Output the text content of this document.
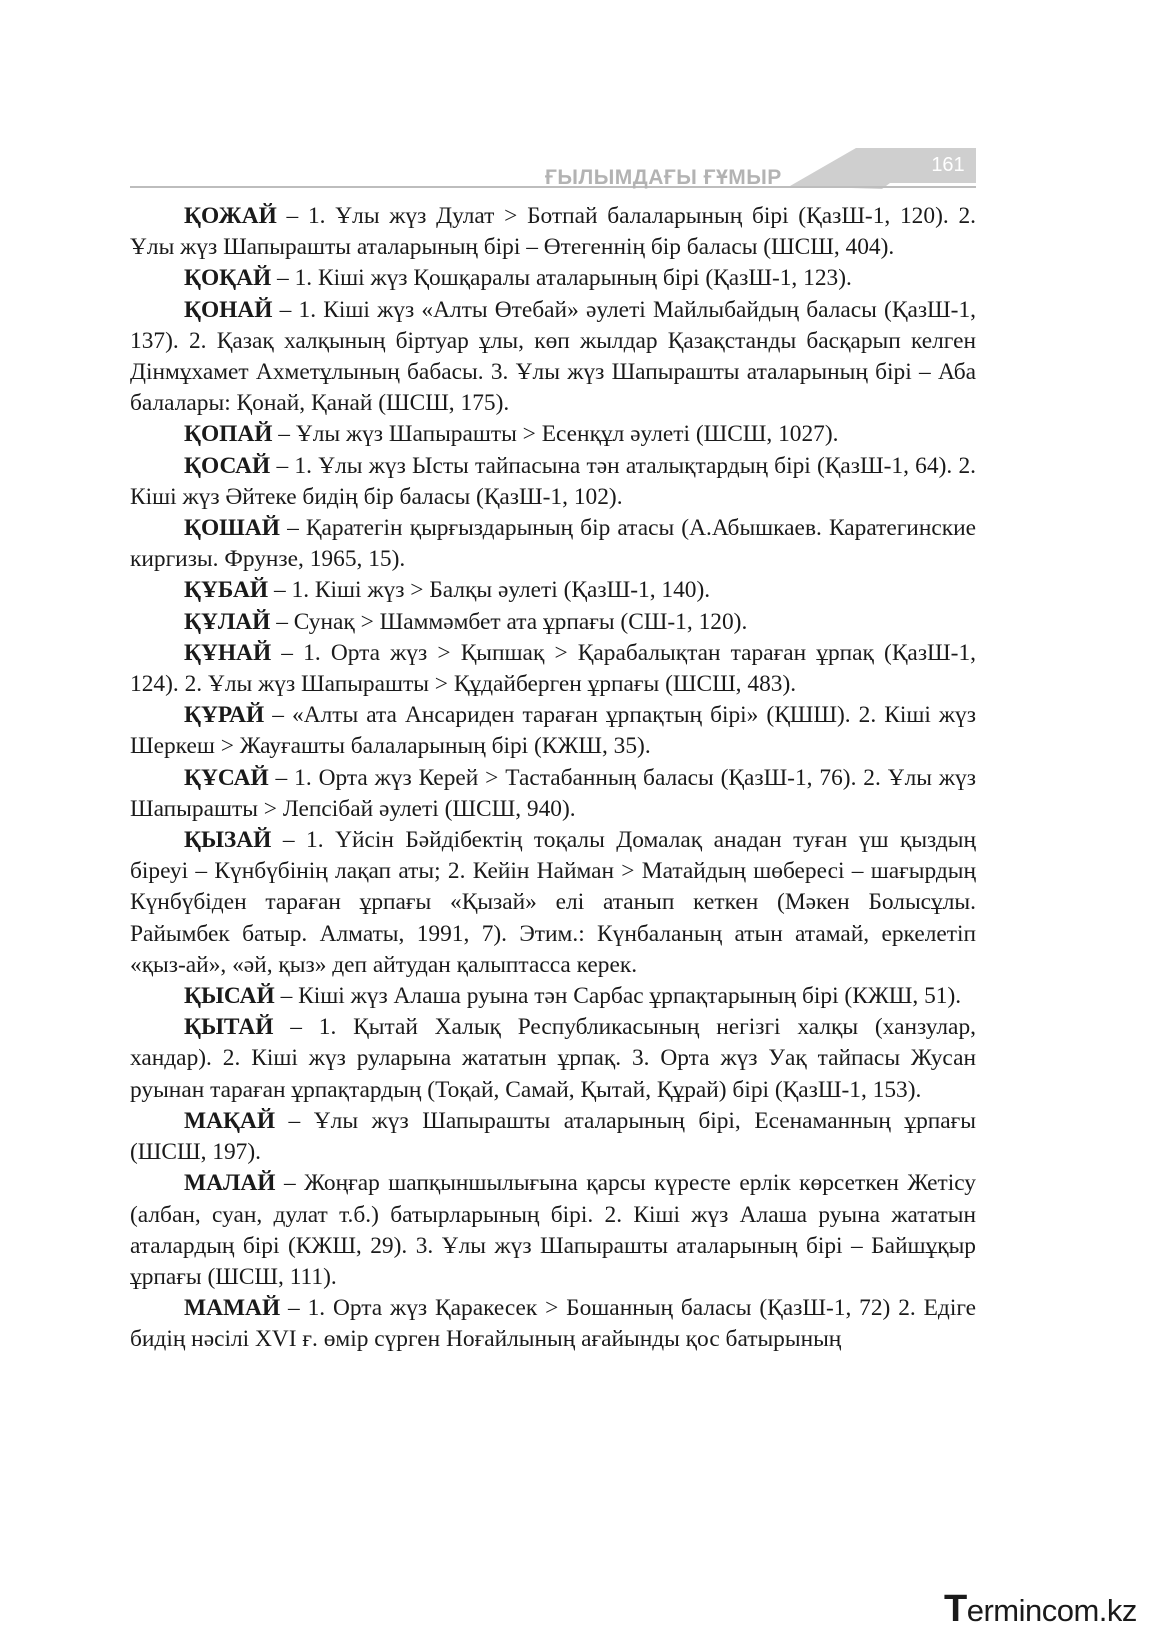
ҒЫЛЫМДАҒЫ ҒҰМЫР
161

ҚОЖАЙ – 1. Ұлы жүз Дулат > Ботпай балаларының бірі (ҚазШ-1, 120). 2. Ұлы жүз Шапырашты аталарының бірі – Өтегеннің бір баласы (ШСШ, 404).

ҚОҚАЙ – 1. Кіші жүз Қошқаралы аталарының бірі (ҚазШ-1, 123).

ҚОНАЙ – 1. Кіші жүз «Алты Өтебай» әулеті Майлыбайдың баласы (ҚазШ-1, 137). 2. Қазақ халқының біртуар ұлы, көп жылдар Қазақстанды басқарып келген Дінмұхамет Ахметұлының бабасы. 3. Ұлы жүз Шапырашты аталарының бірі – Аба балалары: Қонай, Қанай (ШСШ, 175).

ҚОПАЙ – Ұлы жүз Шапырашты > Есенқұл әулеті (ШСШ, 1027).

ҚОСАЙ – 1. Ұлы жүз Ысты тайпасына тән аталықтардың бірі (ҚазШ-1, 64). 2. Кіші жүз Әйтеке бидің бір баласы (ҚазШ-1, 102).

ҚОШАЙ – Қаратегін қырғыздарының бір атасы (А.Абышкаев. Каратегинские киргизы. Фрунзе, 1965, 15).

ҚҰБАЙ – 1. Кіші жүз > Балқы әулеті (ҚазШ-1, 140).

ҚҰЛАЙ – Сунақ > Шаммәмбет ата ұрпағы (СШ-1, 120).

ҚҰНАЙ – 1. Орта жүз > Қыпшақ > Қарабалықтан тараған ұрпақ (ҚазШ-1, 124). 2. Ұлы жүз Шапырашты > Құдайберген ұрпағы (ШСШ, 483).

ҚҰРАЙ – «Алты ата Ансариден тараған ұрпақтың бірі» (ҚШШ). 2. Кіші жүз Шеркеш > Жауғашты балаларының бірі (КЖШ, 35).

ҚҰСАЙ – 1. Орта жүз Керей > Тастабанның баласы (ҚазШ-1, 76). 2. Ұлы жүз Шапырашты > Лепсібай әулеті (ШСШ, 940).

ҚЫЗАЙ – 1. Үйсін Бәйдібектің тоқалы Домалақ анадан туған үш қыздың біреуі – Күнбүбінің лақап аты; 2. Кейін Найман > Матайдың шөбересі – шағырдың Күнбүбіден тараған ұрпағы «Қызай» елі атанып кеткен (Мәкен Болысұлы. Райымбек батыр. Алматы, 1991, 7). Этим.: Күнбаланың атын атамай, еркелетіп «қыз-ай», «әй, қыз» деп айтудан қалыптасса керек.

ҚЫСАЙ – Кіші жүз Алаша руына тән Сарбас ұрпақтарының бірі (КЖШ, 51).

ҚЫТАЙ – 1. Қытай Халық Республикасының негізгі халқы (ханзулар, хандар). 2. Кіші жүз руларына жататын ұрпақ. 3. Орта жүз Уақ тайпасы Жусан руынан тараған ұрпақтардың (Тоқай, Самай, Қытай, Құрай) бірі (ҚазШ-1, 153).

МАҚАЙ – Ұлы жүз Шапырашты аталарының бірі, Есенаманның ұрпағы (ШСШ, 197).

МАЛАЙ – Жоңғар шапқыншылығына қарсы күресте ерлік көрсеткен Жетісу (албан, суан, дулат т.б.) батырларының бірі. 2. Кіші жүз Алаша руына жататын аталардың бірі (КЖШ, 29). 3. Ұлы жүз Шапырашты аталарының бірі – Байшұқыр ұрпағы (ШСШ, 111).

МАМАЙ – 1. Орта жүз Қаракесек > Бошанның баласы (ҚазШ-1, 72) 2. Едіге бидің нәсілі XVI ғ. өмір сүрген Ноғайлының ағайынды қос батырының

Termincom.kz
